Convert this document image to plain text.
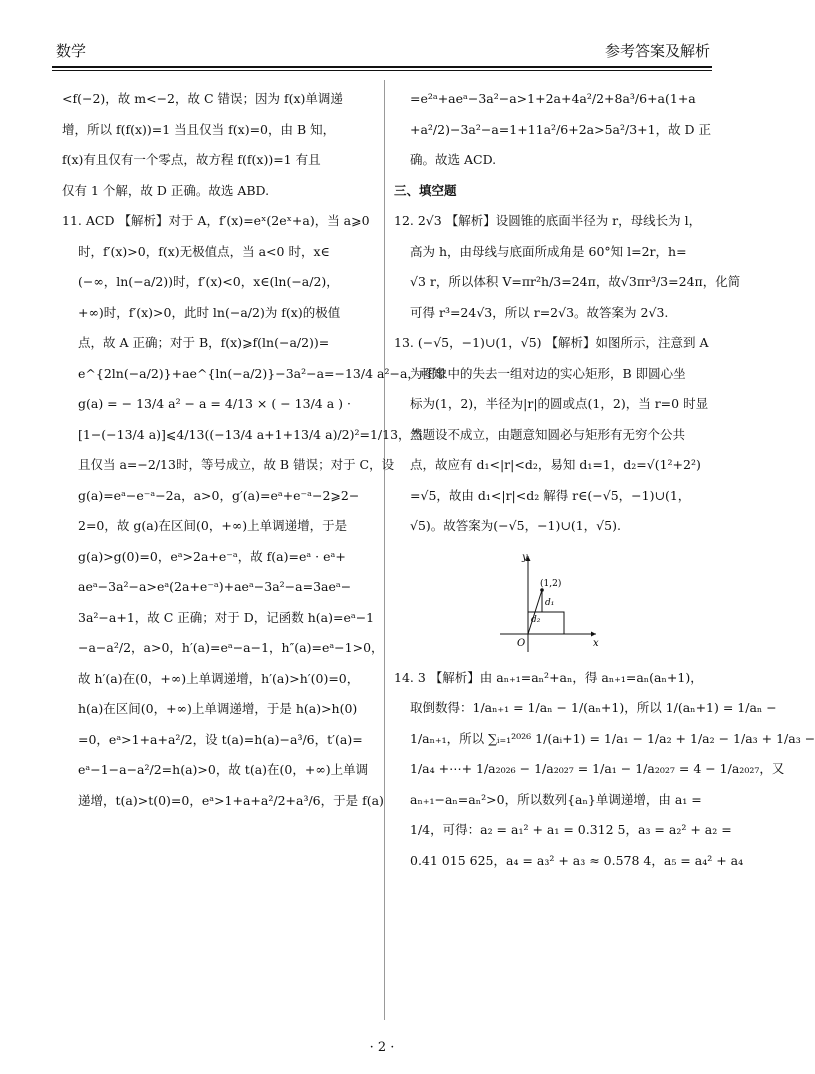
数学	参考答案及解析
<f(−2)，故 m<−2，故 C 错误；因为 f(x)单调递
增，所以 f(f(x))=1 当且仅当 f(x)=0，由 B 知，
f(x)有且仅有一个零点，故方程 f(f(x))=1 有且
仅有 1 个解，故 D 正确。故选 ABD.
11. ACD 【解析】对于 A，f′(x)=eˣ(2eˣ+a)，当 a⩾0
时，f′(x)>0，f(x)无极值点，当 a<0 时，x∈
(−∞，ln(−a/2))时，f′(x)<0，x∈(ln(−a/2)，
+∞)时，f′(x)>0，此时 ln(−a/2)为 f(x)的极值
点，故 A 正确；对于 B，f(x)⩾f(ln(−a/2))=
e^{2ln(−a/2)}+ae^{ln(−a/2)}−3a²−a=−13/4 a²−a，可知
g(a) = − 13/4 a² − a = 4/13 × ( − 13/4 a ) ·
[1−(−13/4 a)]⩽4/13((−13/4 a+1+13/4 a)/2)²=1/13，当
且仅当 a=−2/13时，等号成立，故 B 错误；对于 C，设
g(a)=eᵃ−e⁻ᵃ−2a，a>0，g′(a)=eᵃ+e⁻ᵃ−2⩾2−
2=0，故 g(a)在区间(0，+∞)上单调递增，于是
g(a)>g(0)=0，eᵃ>2a+e⁻ᵃ，故 f(a)=eᵃ · eᵃ+
aeᵃ−3a²−a>eᵃ(2a+e⁻ᵃ)+aeᵃ−3a²−a=3aeᵃ−
3a²−a+1，故 C 正确；对于 D，记函数 h(a)=eᵃ−1
−a−a²/2，a>0，h′(a)=eᵃ−a−1，h″(a)=eᵃ−1>0，
故 h′(a)在(0，+∞)上单调递增，h′(a)>h′(0)=0，
h(a)在区间(0，+∞)上单调递增，于是 h(a)>h(0)
=0，eᵃ>1+a+a²/2，设 t(a)=h(a)−a³/6，t′(a)=
eᵃ−1−a−a²/2=h(a)>0，故 t(a)在(0，+∞)上单调
递增，t(a)>t(0)=0，eᵃ>1+a+a²/2+a³/6，于是 f(a)
=e²ᵃ+aeᵃ−3a²−a>1+2a+4a²/2+8a³/6+a(1+a
+a²/2)−3a²−a=1+11a²/6+2a>5a²/3+1，故 D 正
确。故选 ACD.
三、填空题
12. 2√3 【解析】设圆锥的底面半径为 r，母线长为 l，
高为 h，由母线与底面所成角是 60°知 l=2r，h=
√3 r，所以体积 V=πr²h/3=24π，故√3πr³/3=24π，化简
可得 r³=24√3，所以 r=2√3。故答案为 2√3.
13. (−√5，−1)∪(1，√5) 【解析】如图所示，注意到 A
为图象中的失去一组对边的实心矩形，B 即圆心坐
标为(1，2)，半径为|r|的圆或点(1，2)，当 r=0 时显
然题设不成立，由题意知圆必与矩形有无穷个公共
点，故应有 d₁<|r|<d₂，易知 d₁=1，d₂=√(1²+2²)
=√5，故由 d₁<|r|<d₂ 解得 r∈(−√5，−1)∪(1，
√5)。故答案为(−√5，−1)∪(1，√5).
y
x
O
(1,2)
d₁
d₂
14. 3 【解析】由 aₙ₊₁=aₙ²+aₙ，得 aₙ₊₁=aₙ(aₙ+1)，
取倒数得：1/aₙ₊₁ = 1/aₙ − 1/(aₙ+1)，所以 1/(aₙ+1) = 1/aₙ −
1/aₙ₊₁，所以 ∑ᵢ₌₁²⁰²⁶ 1/(aᵢ+1) = 1/a₁ − 1/a₂ + 1/a₂ − 1/a₃ + 1/a₃ −
1/a₄ +⋯+ 1/a₂₀₂₆ − 1/a₂₀₂₇ = 1/a₁ − 1/a₂₀₂₇ = 4 − 1/a₂₀₂₇，又
aₙ₊₁−aₙ=aₙ²>0，所以数列{aₙ}单调递增，由 a₁ =
1/4，可得：a₂ = a₁² + a₁ = 0.312 5，a₃ = a₂² + a₂ =
0.41 015 625，a₄ = a₃² + a₃ ≈ 0.578 4，a₅ = a₄² + a₄
· 2 ·
